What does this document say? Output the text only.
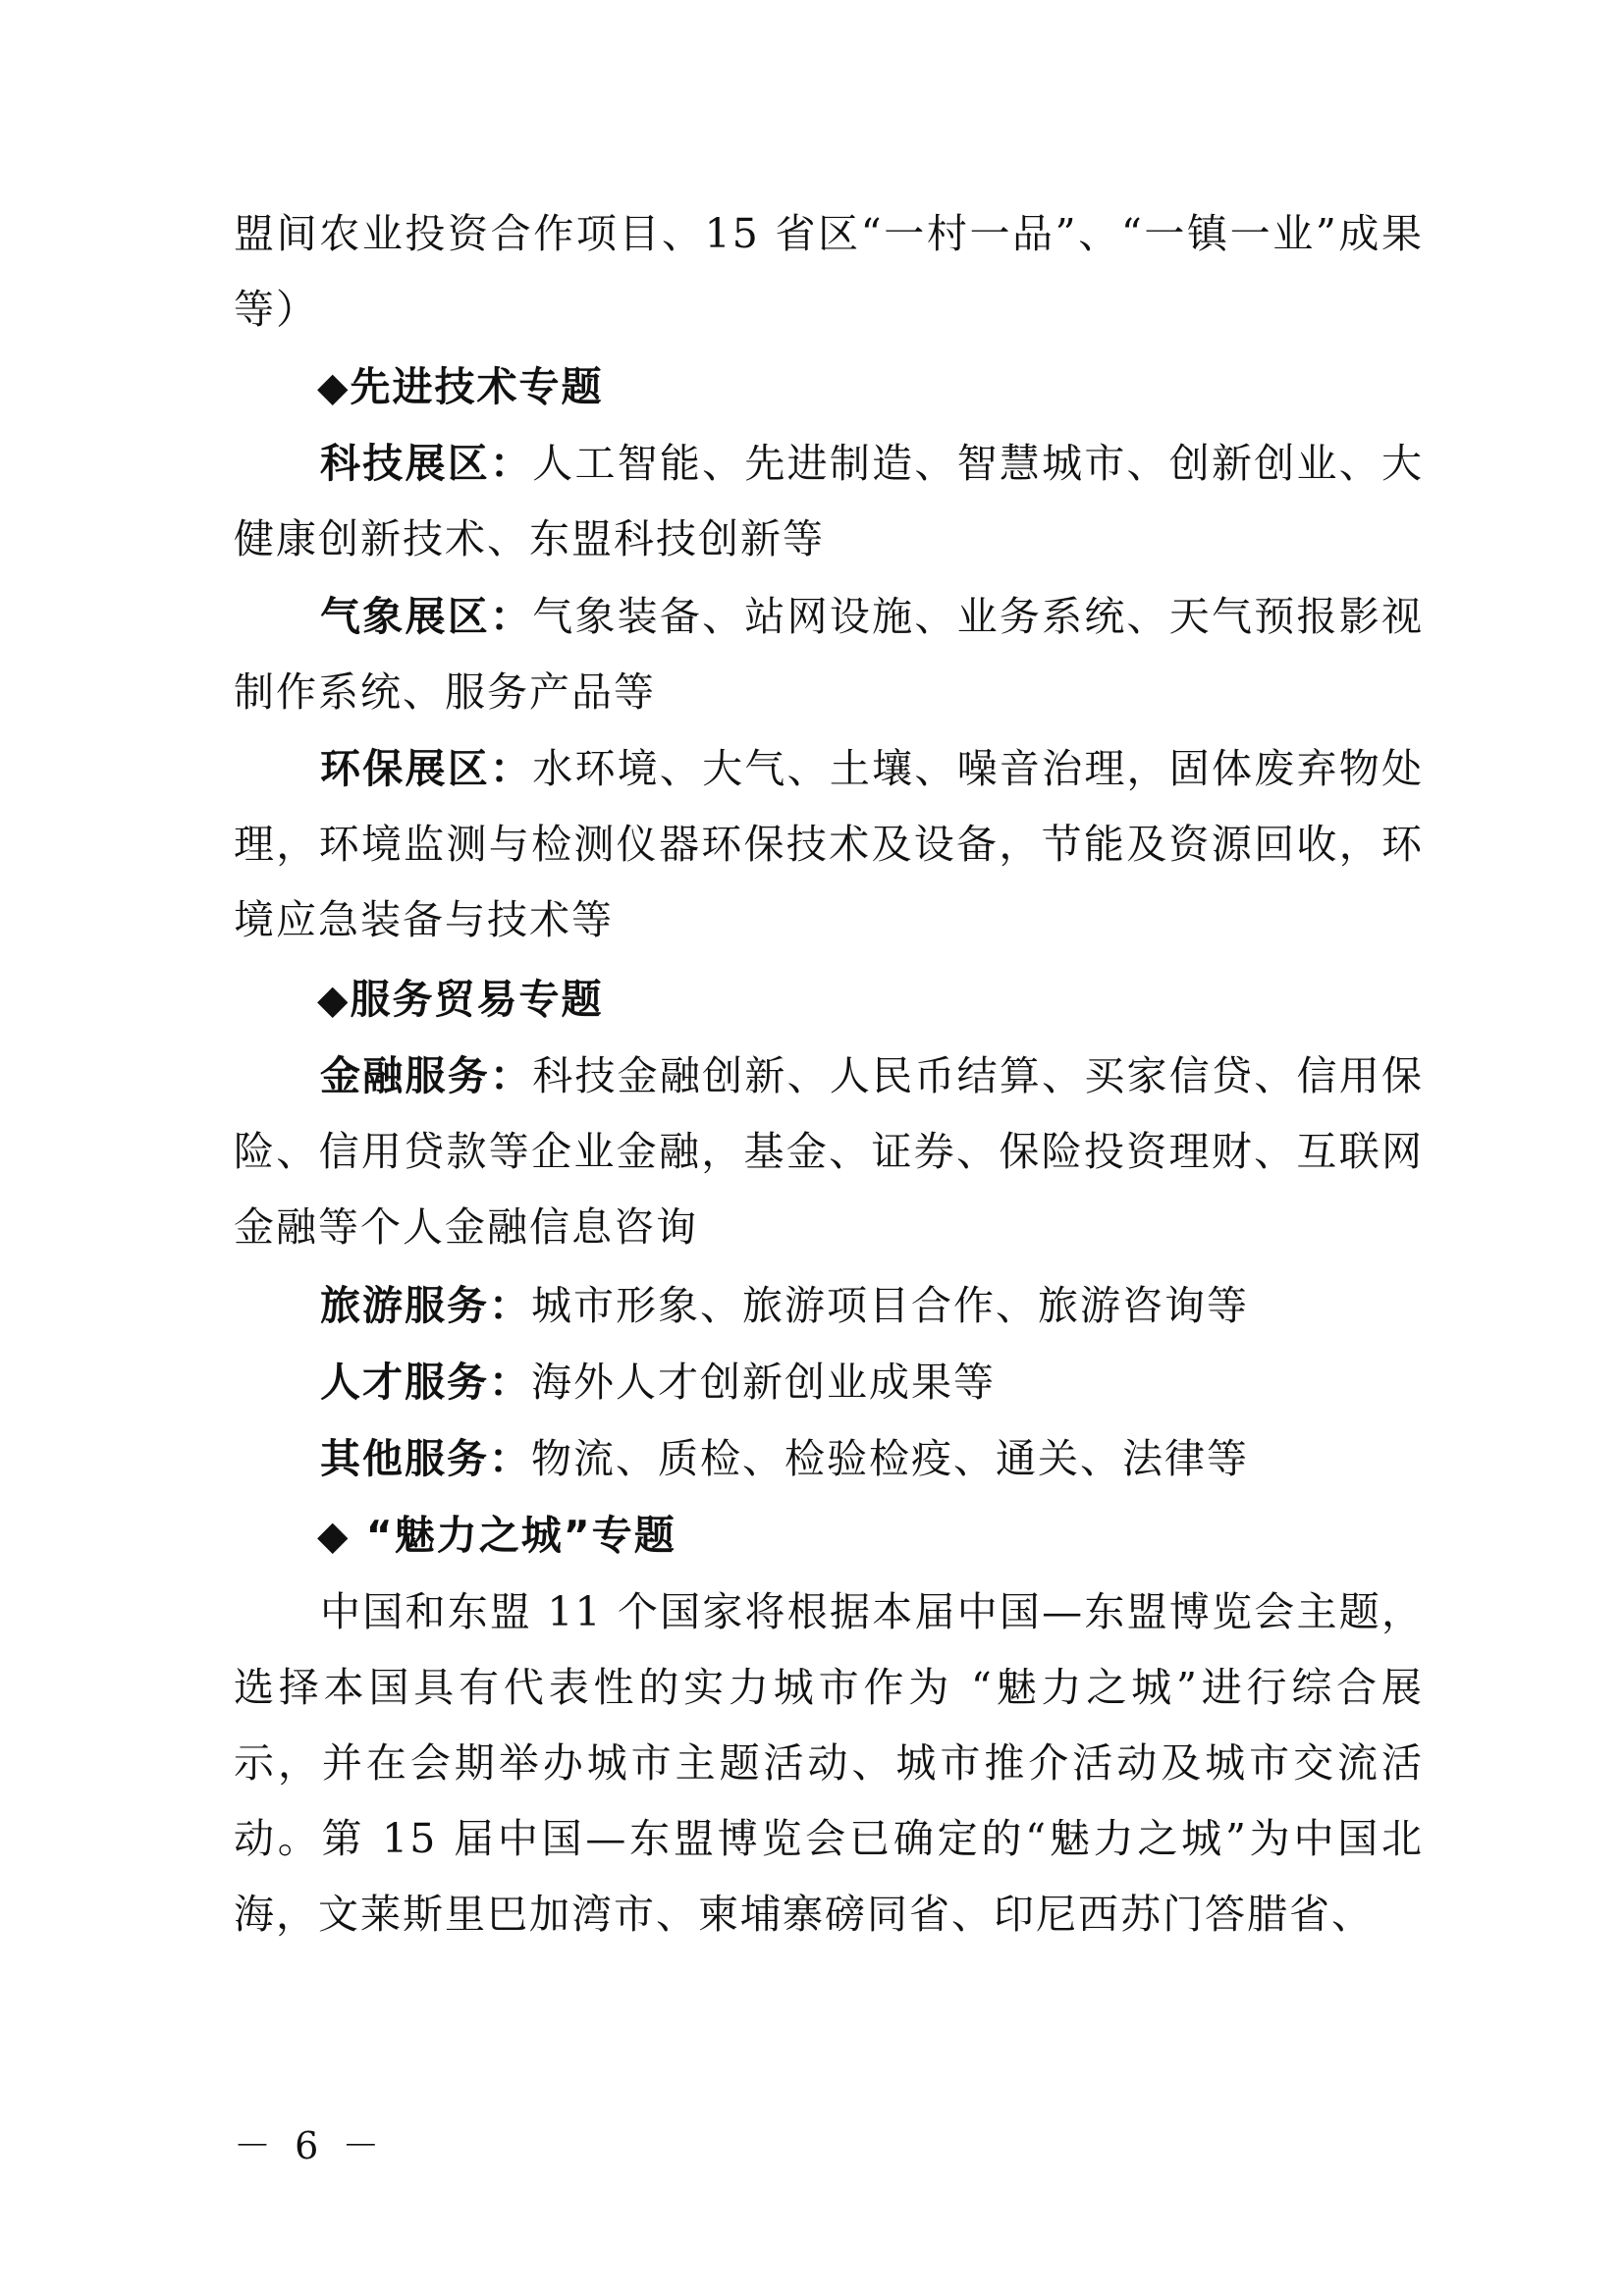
盟间农业投资合作项目、15 省区“一村一品”、“一镇一业”成果等）

◆先进技术专题

科技展区：人工智能、先进制造、智慧城市、创新创业、大健康创新技术、东盟科技创新等

气象展区：气象装备、站网设施、业务系统、天气预报影视制作系统、服务产品等

环保展区：水环境、大气、土壤、噪音治理，固体废弃物处理，环境监测与检测仪器环保技术及设备，节能及资源回收，环境应急装备与技术等

◆服务贸易专题

金融服务：科技金融创新、人民币结算、买家信贷、信用保险、信用贷款等企业金融，基金、证券、保险投资理财、互联网金融等个人金融信息咨询

旅游服务：城市形象、旅游项目合作、旅游咨询等

人才服务：海外人才创新创业成果等

其他服务：物流、质检、检验检疫、通关、法律等

◆ “魅力之城”专题

中国和东盟 11 个国家将根据本届中国—东盟博览会主题，选择本国具有代表性的实力城市作为 “魅力之城”进行综合展示，并在会期举办城市主题活动、城市推介活动及城市交流活动。第 15 届中国—东盟博览会已确定的“魅力之城”为中国北海，文莱斯里巴加湾市、柬埔寨磅同省、印尼西苏门答腊省、

－ 6 －
